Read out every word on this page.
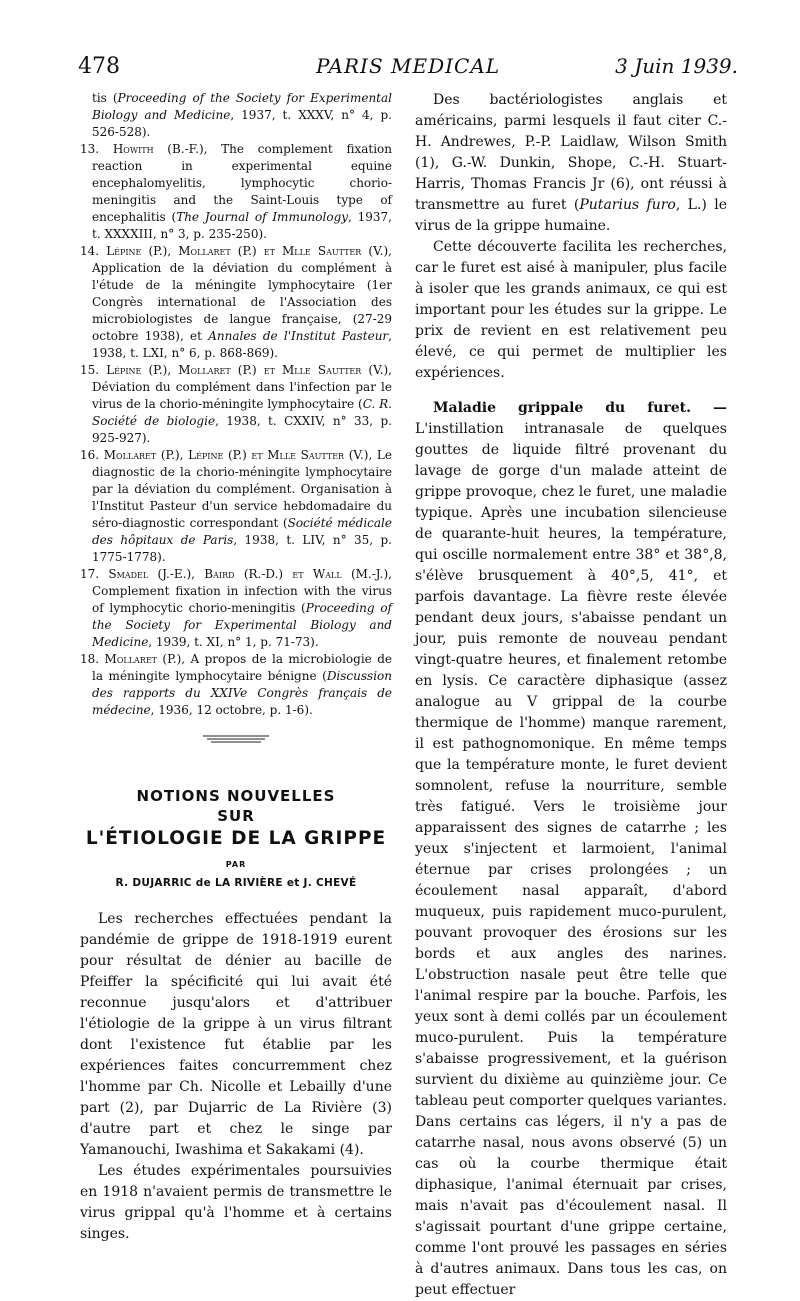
478	PARIS MEDICAL	3 Juin 1939.

tis (Proceeding of the Society for Experimental Biology and Medicine, 1937, t. XXXV, n° 4, p. 526-528).

13. Howith (B.-F.), The complement fixation reaction in experimental equine encephalomyelitis, lymphocytic chorio-meningitis and the Saint-Louis type of encephalitis (The Journal of Immunology, 1937, t. XXXXIII, n° 3, p. 235-250).

14. Lépine (P.), Mollaret (P.) et Mlle Sautter (V.), Application de la déviation du complément à l'étude de la méningite lymphocytaire (1er Congrès international de l'Association des microbiologistes de langue française, (27-29 octobre 1938), et Annales de l'Institut Pasteur, 1938, t. LXI, n° 6, p. 868-869).

15. Lépine (P.), Mollaret (P.) et Mlle Sautter (V.), Déviation du complément dans l'infection par le virus de la chorio-méningite lymphocytaire (C. R. Société de biologie, 1938, t. CXXIV, n° 33, p. 925-927).

16. Mollaret (P.), Lépine (P.) et Mlle Sautter (V.), Le diagnostic de la chorio-méningite lymphocytaire par la déviation du complément. Organisation à l'Institut Pasteur d'un service hebdomadaire du séro-diagnostic correspondant (Société médicale des hôpitaux de Paris, 1938, t. LIV, n° 35, p. 1775-1778).

17. Smadel (J.-E.), Baird (R.-D.) et Wall (M.-J.), Complement fixation in infection with the virus of lymphocytic chorio-meningitis (Proceeding of the Society for Experimental Biology and Medicine, 1939, t. XI, n° 1, p. 71-73).

18. Mollaret (P.), A propos de la microbiologie de la méningite lymphocytaire bénigne (Discussion des rapports du XXIVe Congrès français de médecine, 1936, 12 octobre, p. 1-6).

NOTIONS NOUVELLES
SUR
L'ÉTIOLOGIE DE LA GRIPPE
PAR
R. DUJARRIC de LA RIVIÈRE et J. CHEVÉ

Les recherches effectuées pendant la pandémie de grippe de 1918-1919 eurent pour résultat de dénier au bacille de Pfeiffer la spécificité qui lui avait été reconnue jusqu'alors et d'attribuer l'étiologie de la grippe à un virus filtrant dont l'existence fut établie par les expériences faites concurremment chez l'homme par Ch. Nicolle et Lebailly d'une part (2), par Dujarric de La Rivière (3) d'autre part et chez le singe par Yamanouchi, Iwashima et Sakakami (4).

Les études expérimentales poursuivies en 1918 n'avaient permis de transmettre le virus grippal qu'à l'homme et à certains singes.

Des bactériologistes anglais et américains, parmi lesquels il faut citer C.-H. Andrewes, P.-P. Laidlaw, Wilson Smith (1), G.-W. Dunkin, Shope, C.-H. Stuart-Harris, Thomas Francis Jr (6), ont réussi à transmettre au furet (Putarius furo, L.) le virus de la grippe humaine.

Cette découverte facilita les recherches, car le furet est aisé à manipuler, plus facile à isoler que les grands animaux, ce qui est important pour les études sur la grippe. Le prix de revient en est relativement peu élevé, ce qui permet de multiplier les expériences.

Maladie grippale du furet. — L'instillation intranasale de quelques gouttes de liquide filtré provenant du lavage de gorge d'un malade atteint de grippe provoque, chez le furet, une maladie typique. Après une incubation silencieuse de quarante-huit heures, la température, qui oscille normalement entre 38° et 38°,8, s'élève brusquement à 40°,5, 41°, et parfois davantage. La fièvre reste élevée pendant deux jours, s'abaisse pendant un jour, puis remonte de nouveau pendant vingt-quatre heures, et finalement retombe en lysis. Ce caractère diphasique (assez analogue au V grippal de la courbe thermique de l'homme) manque rarement, il est pathognomonique. En même temps que la température monte, le furet devient somnolent, refuse la nourriture, semble très fatigué. Vers le troisième jour apparaissent des signes de catarrhe ; les yeux s'injectent et larmoient, l'animal éternue par crises prolongées ; un écoulement nasal apparaît, d'abord muqueux, puis rapidement muco-purulent, pouvant provoquer des érosions sur les bords et aux angles des narines. L'obstruction nasale peut être telle que l'animal respire par la bouche. Parfois, les yeux sont à demi collés par un écoulement muco-purulent. Puis la température s'abaisse progressivement, et la guérison survient du dixième au quinzième jour. Ce tableau peut comporter quelques variantes. Dans certains cas légers, il n'y a pas de catarrhe nasal, nous avons observé (5) un cas où la courbe thermique était diphasique, l'animal éternuait par crises, mais n'avait pas d'écoulement nasal. Il s'agissait pourtant d'une grippe certaine, comme l'ont prouvé les passages en séries à d'autres animaux. Dans tous les cas, on peut effectuer
